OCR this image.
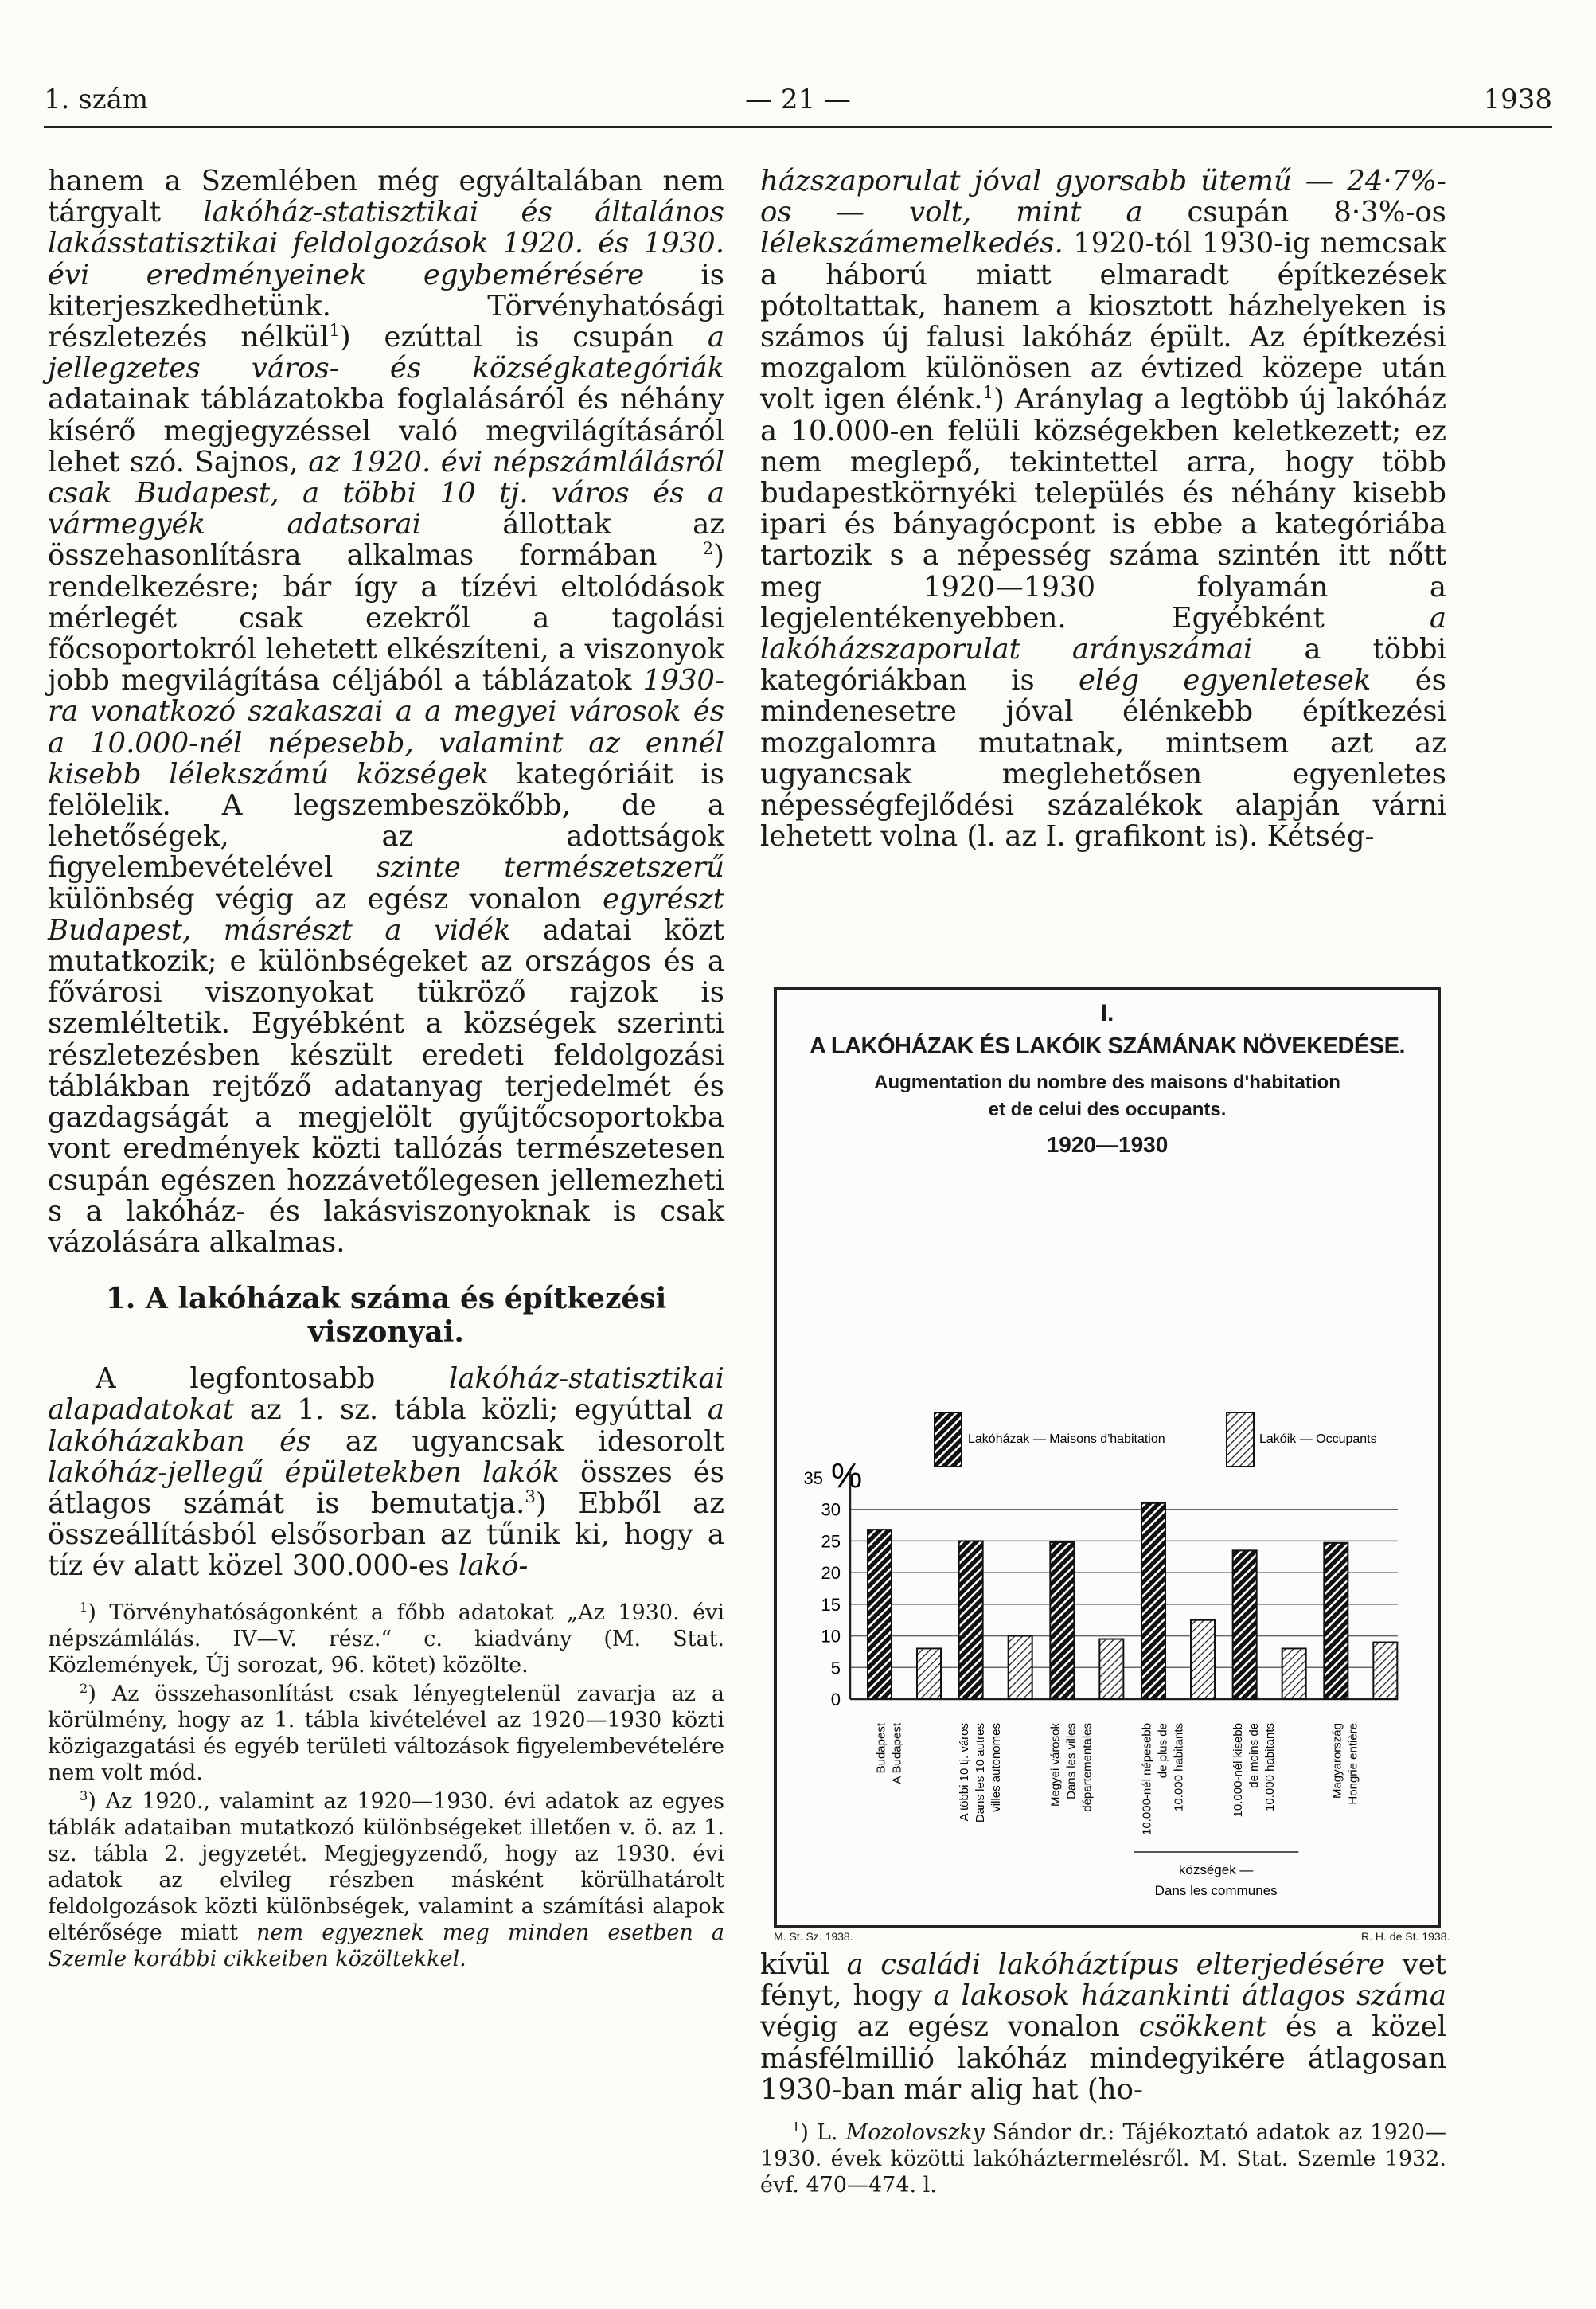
1. szám	— 21 —	1938

hanem a Szemlében még egyáltalában nem tárgyalt lakóház-statisztikai és általános lakásstatisztikai feldolgozások 1920. és 1930. évi eredményeinek egybemérésére is kiterjeszkedhetünk. Törvényhatósági részletezés nélkül$^1$) ezúttal is csupán a jellegzetes város- és községkategóriák adatainak táblázatokba foglalásáról és néhány kísérő megjegyzéssel való megvilágításáról lehet szó. Sajnos, az 1920. évi népszámlálásról csak Budapest, a többi 10 tj. város és a vármegyék adatsorai állottak az összehasonlításra alkalmas formában $^2$) rendelkezésre; bár így a tízévi eltolódások mérlegét csak ezekről a tagolási főcsoportokról lehetett elkészíteni, a viszonyok jobb megvilágítása céljából a táblázatok 1930-ra vonatkozó szakaszai a a megyei városok és a 10.000-nél népesebb, valamint az ennél kisebb lélekszámú községek kategóriáit is felölelik. A legszembeszökőbb, de a lehetőségek, az adottságok figyelembevételével szinte természetszerű különbség végig az egész vonalon egyrészt Budapest, másrészt a vidék adatai közt mutatkozik; e különbségeket az országos és a fővárosi viszonyokat tükröző rajzok is szemléltetik. Egyébként a községek szerinti részletezésben készült eredeti feldolgozási táblákban rejtőző adatanyag terjedelmét és gazdagságát a megjelölt gyűjtőcsoportokba vont eredmények közti tallózás természetesen csupán egészen hozzávetőlegesen jellemezheti s a lakóház- és lakásviszonyoknak is csak vázolására alkalmas.

1. A lakóházak száma és építkezési viszonyai.

A legfontosabb lakóház-statisztikai alapadatokat az 1. sz. tábla közli; egyúttal a lakóházakban és az ugyancsak idesorolt lakóház-jellegű épületekben lakók összes és átlagos számát is bemutatja.$^3$) Ebből az összeállításból elsősorban az tűnik ki, hogy a tíz év alatt közel 300.000-es lakó-

$^1$) Törvényhatóságonként a főbb adatokat „Az 1930. évi népszámlálás. IV—V. rész.“ c. kiadvány (M. Stat. Közlemények, Új sorozat, 96. kötet) közölte.

$^2$) Az összehasonlítást csak lényegtelenül zavarja az a körülmény, hogy az 1. tábla kivételével az 1920—1930 közti közigazgatási és egyéb területi változások figyelembevételére nem volt mód.

$^3$) Az 1920., valamint az 1920—1930. évi adatok az egyes táblák adataiban mutatkozó különbségeket illetően v. ö. az 1. sz. tábla 2. jegyzetét. Megjegyzendő, hogy az 1930. évi adatok az elvileg részben másként körülhatárolt feldolgozások közti különbségek, valamint a számítási alapok eltérősége miatt nem egyeznek meg minden esetben a Szemle korábbi cikkeiben közöltekkel.

házszaporulat jóval gyorsabb ütemű — 24·7%-os — volt, mint a csupán 8·3%-os lélekszámemelkedés. 1920-tól 1930-ig nemcsak a háború miatt elmaradt építkezések pótoltattak, hanem a kiosztott házhelyeken is számos új falusi lakóház épült. Az építkezési mozgalom különösen az évtized közepe után volt igen élénk.$^1$) Aránylag a legtöbb új lakóház a 10.000-en felüli községekben keletkezett; ez nem meglepő, tekintettel arra, hogy több budapestkörnyéki település és néhány kisebb ipari és bányagócpont is ebbe a kategóriába tartozik s a népesség száma szintén itt nőtt meg 1920—1930 folyamán a legjelentékenyebben. Egyébként a lakóházszaporulat arányszámai a többi kategóriákban is elég egyenletesek és mindenesetre jóval élénkebb építkezési mozgalomra mutatnak, mintsem azt az ugyancsak meglehetősen egyenletes népességfejlődési százalékok alapján várni lehetett volna (l. az I. grafikont is). Kétség-

I.
A LAKÓHÁZAK ÉS LAKÓIK SZÁMÁNAK NÖVEKEDÉSE.
Augmentation du nombre des maisons d'habitation
et de celui des occupants.
1920—1930
0
5
10
15
20
25
30
35 %
Lakóházak — Maisons d'habitation	Lakóik — Occupants
Budapest A Budapest	A többi 10 tj. város Dans les 10 autres villes autonomes	Megyei városok Dans les villes départementales	10.000-nél népesebb de plus de 10.000 habitants	10.000-nél kisebb de moins de 10.000 habitants	Magyarország Hongrie entière
községek —
Dans les communes
M. St. Sz. 1938.	R. H. de St. 1938.

kívül a családi lakóháztípus elterjedésére vet fényt, hogy a lakosok házankinti átlagos száma végig az egész vonalon csökkent és a közel másfélmillió lakóház mindegyikére átlagosan 1930-ban már alig hat (ho-

$^1$) L. Mozolovszky Sándor dr.: Tájékoztató adatok az 1920—1930. évek közötti lakóháztermelésről. M. Stat. Szemle 1932. évf. 470—474. l.
